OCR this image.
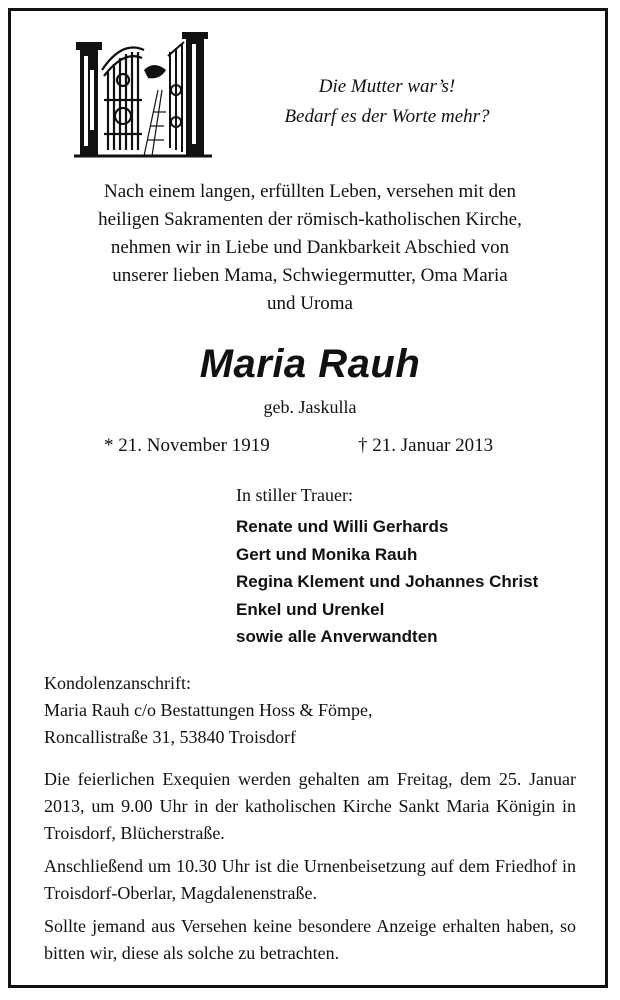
Die Mutter war’s!
Bedarf es der Worte mehr?
Nach einem langen, erfüllten Leben, versehen mit den
heiligen Sakramenten der römisch-katholischen Kirche,
nehmen wir in Liebe und Dankbarkeit Abschied von
unserer lieben Mama, Schwiegermutter, Oma Maria
und Uroma
Maria Rauh
geb. Jaskulla
* 21. November 1919	† 21. Januar 2013
In stiller Trauer:
Renate und Willi Gerhards
Gert und Monika Rauh
Regina Klement und Johannes Christ
Enkel und Urenkel
sowie alle Anverwandten
Kondolenzanschrift:
Maria Rauh c/o Bestattungen Hoss & Fömpe,
Roncallistraße 31, 53840 Troisdorf

Die feierlichen Exequien werden gehalten am Freitag, dem 25. Januar 2013, um 9.00 Uhr in der katholischen Kirche Sankt Maria Königin in Troisdorf, Blücherstraße.

Anschließend um 10.30 Uhr ist die Urnenbeisetzung auf dem Friedhof in Troisdorf-Oberlar, Magdalenenstraße.

Sollte jemand aus Versehen keine besondere Anzeige erhalten haben, so bitten wir, diese als solche zu betrachten.
